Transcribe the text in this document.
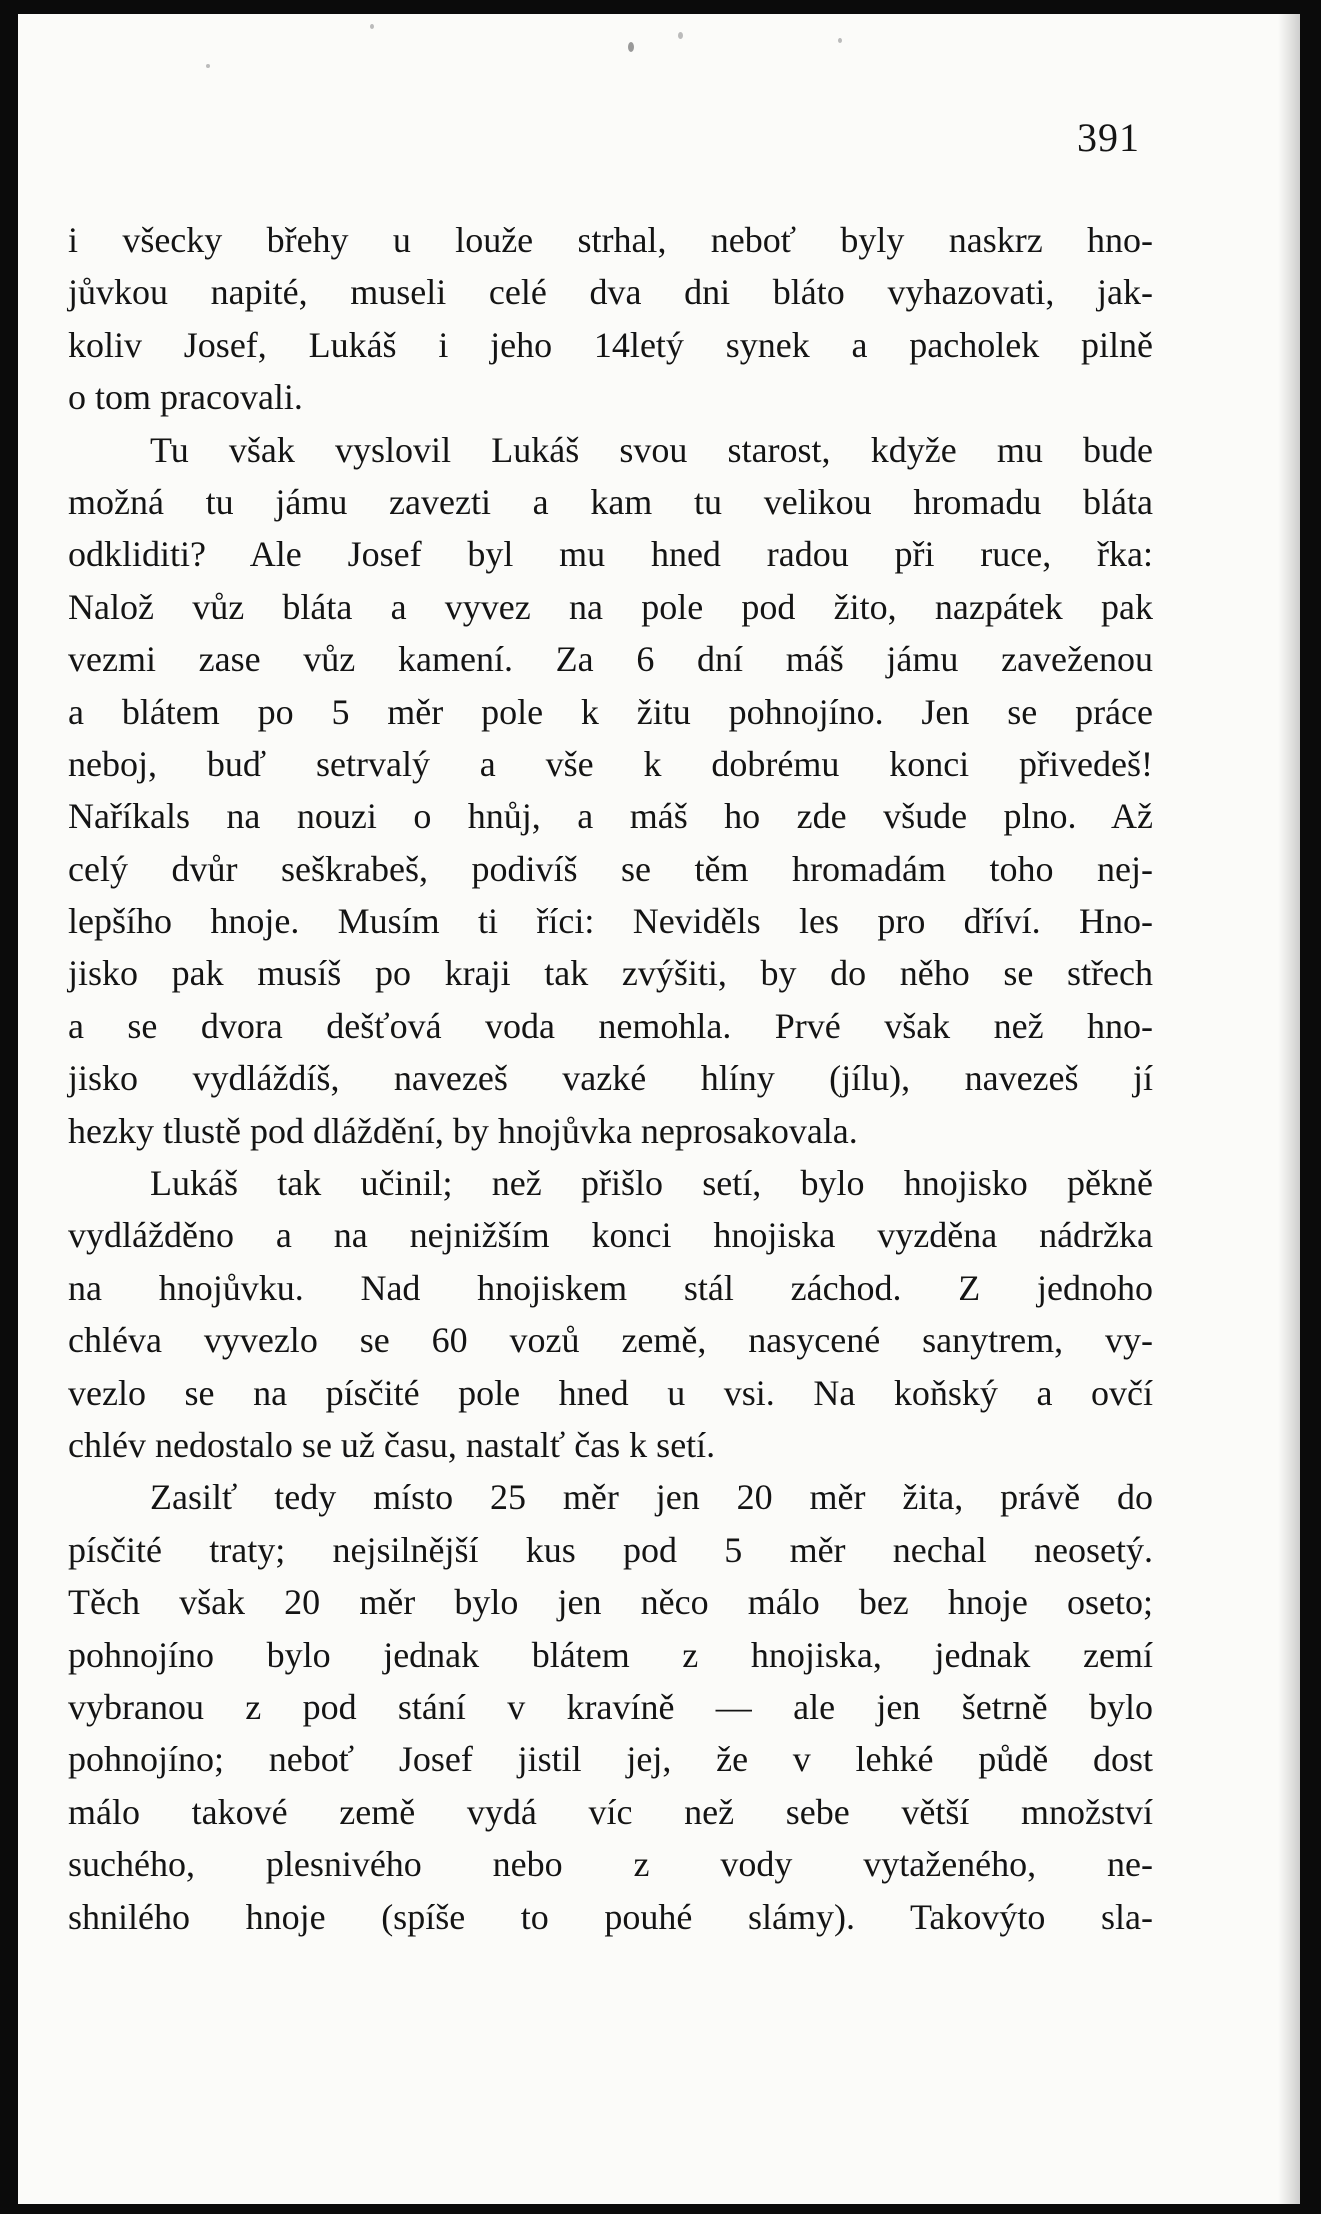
391
i všecky břehy u louže strhal, neboť byly naskrz hno-
jůvkou napité, museli celé dva dni bláto vyhazovati, jak-
koliv Josef, Lukáš i jeho 14letý synek a pacholek pilně
o tom pracovali.
Tu však vyslovil Lukáš svou starost, kdyže mu bude
možná tu jámu zavezti a kam tu velikou hromadu bláta
odkliditi? Ale Josef byl mu hned radou při ruce, řka:
Nalož vůz bláta a vyvez na pole pod žito, nazpátek pak
vezmi zase vůz kamení. Za 6 dní máš jámu zaveženou
a blátem po 5 měr pole k žitu pohnojíno. Jen se práce
neboj, buď setrvalý a vše k dobrému konci přivedeš!
Naříkals na nouzi o hnůj, a máš ho zde všude plno. Až
celý dvůr seškrabeš, podivíš se těm hromadám toho nej-
lepšího hnoje. Musím ti říci: Neviděls les pro dříví. Hno-
jisko pak musíš po kraji tak zvýšiti, by do něho se střech
a se dvora dešťová voda nemohla. Prvé však než hno-
jisko vydláždíš, navezeš vazké hlíny (jílu), navezeš jí
hezky tlustě pod dláždění, by hnojůvka neprosakovala.
Lukáš tak učinil; než přišlo setí, bylo hnojisko pěkně
vydlážděno a na nejnižším konci hnojiska vyzděna nádržka
na hnojůvku. Nad hnojiskem stál záchod. Z jednoho
chléva vyvezlo se 60 vozů země, nasycené sanytrem, vy-
vezlo se na písčité pole hned u vsi. Na koňský a ovčí
chlév nedostalo se už času, nastalť čas k setí.
Zasilť tedy místo 25 měr jen 20 měr žita, právě do
písčité traty; nejsilnější kus pod 5 měr nechal neosetý.
Těch však 20 měr bylo jen něco málo bez hnoje oseto;
pohnojíno bylo jednak blátem z hnojiska, jednak zemí
vybranou z pod stání v kravíně — ale jen šetrně bylo
pohnojíno; neboť Josef jistil jej, že v lehké půdě dost
málo takové země vydá víc než sebe větší množství
suchého, plesnivého nebo z vody vytaženého, ne-
shnilého hnoje (spíše to pouhé slámy). Takovýto sla-
